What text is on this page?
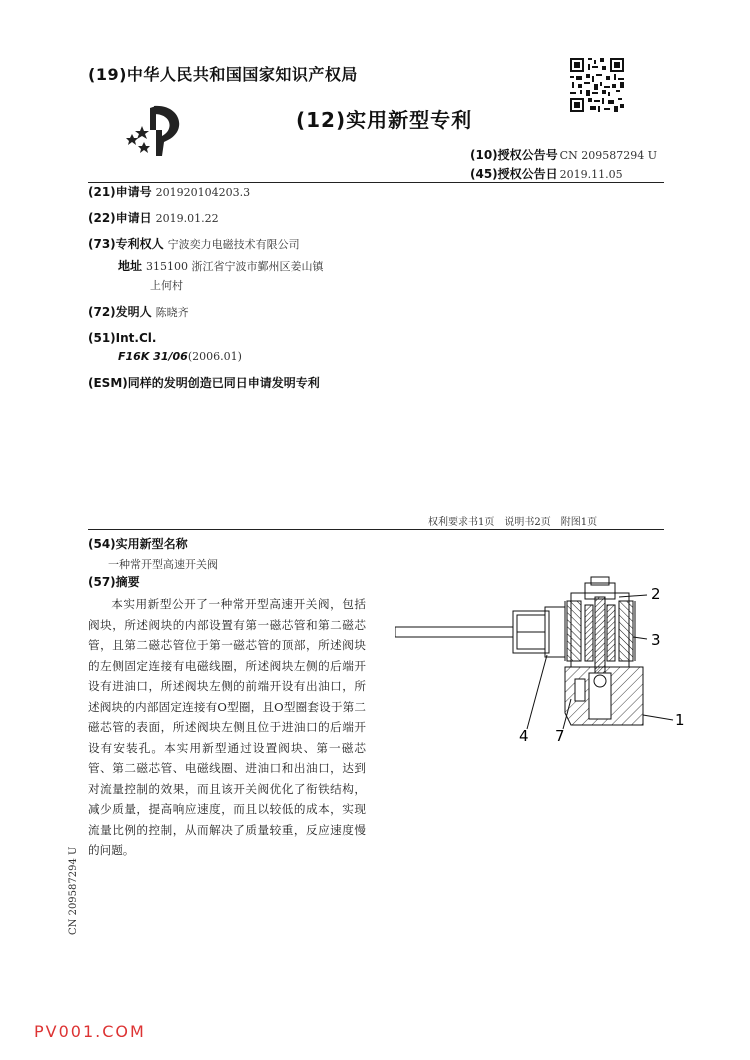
(19)中华人民共和国国家知识产权局
(12)实用新型专利
(10)授权公告号 CN 209587294 U
(45)授权公告日 2019.11.05
(21)申请号 201920104203.3
(22)申请日 2019.01.22
(73)专利权人 宁波奕力电磁技术有限公司
地址 315100 浙江省宁波市鄞州区姜山镇
上何村
(72)发明人 陈晓齐
(51)Int.Cl.
F16K 31/06(2006.01)
(ESM)同样的发明创造已同日申请发明专利
权利要求书1页 说明书2页 附图1页
(54)实用新型名称
一种常开型高速开关阀
(57)摘要

本实用新型公开了一种常开型高速开关阀，包括阀块，所述阀块的内部设置有第一磁芯管和第二磁芯管，且第二磁芯管位于第一磁芯管的顶部，所述阀块的左侧固定连接有电磁线圈，所述阀块左侧的后端开设有进油口，所述阀块左侧的前端开设有出油口，所述阀块的内部固定连接有O型圈，且O型圈套设于第二磁芯管的表面，所述阀块左侧且位于进油口的后端开设有安装孔。本实用新型通过设置阀块、第一磁芯管、第二磁芯管、电磁线圈、进油口和出油口，达到对流量控制的效果，而且该开关阀优化了衔铁结构，减少质量，提高响应速度，而且以较低的成本，实现流量比例的控制，从而解决了质量较重，反应速度慢的问题。

2
3
1
4 7
CN 209587294 U
PV001.COM
